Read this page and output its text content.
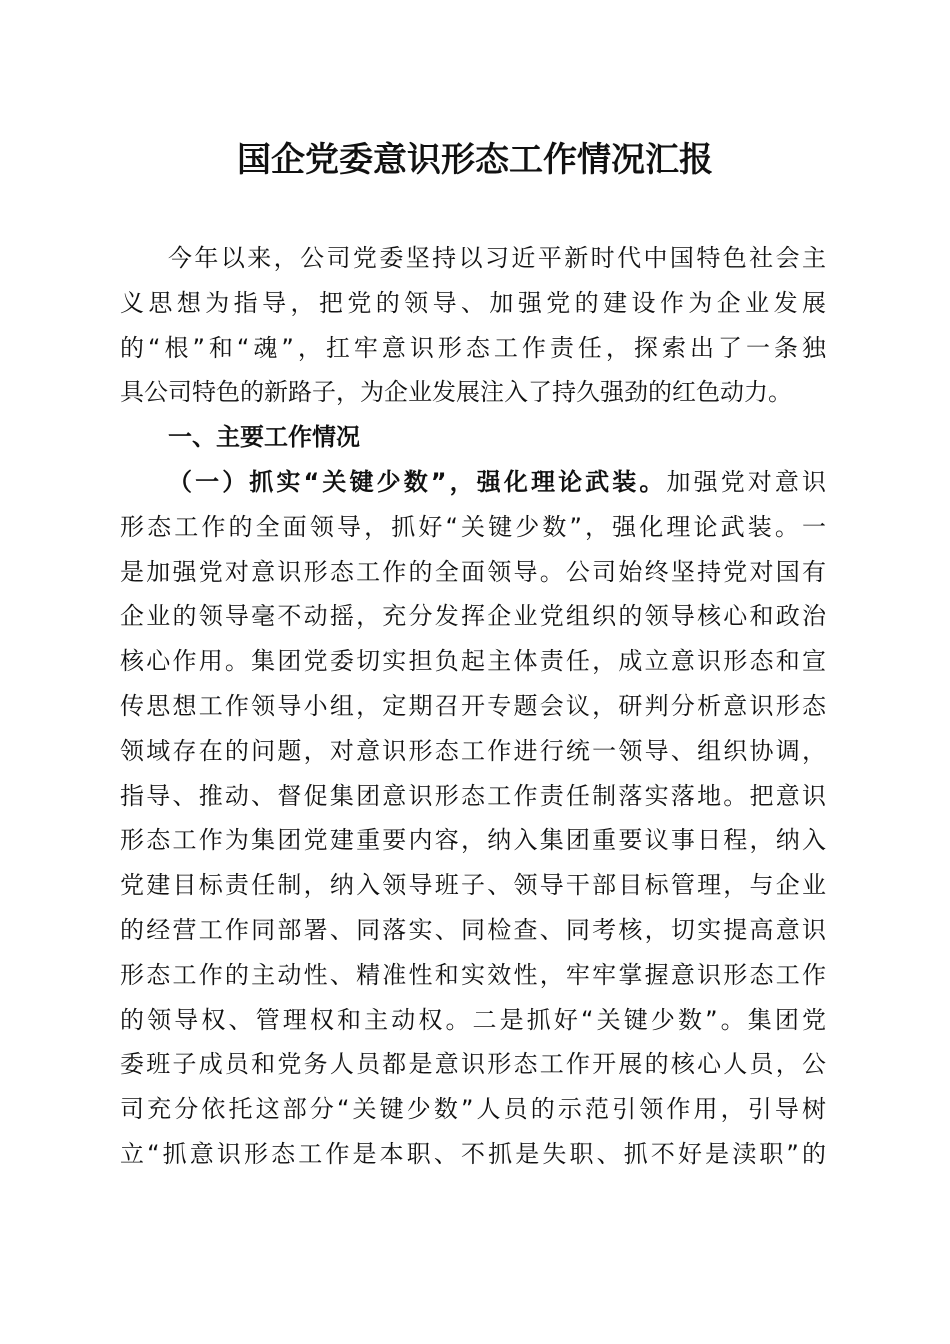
国企党委意识形态工作情况汇报
今年以来，公司党委坚持以习近平新时代中国特色社会主
义思想为指导，把党的领导、加强党的建设作为企业发展
的“根”和“魂”，扛牢意识形态工作责任，探索出了一条独
具公司特色的新路子，为企业发展注入了持久强劲的红色动力。
一、主要工作情况
（一）抓实“关键少数”，强化理论武装。加强党对意识
形态工作的全面领导，抓好“关键少数”，强化理论武装。一
是加强党对意识形态工作的全面领导。公司始终坚持党对国有
企业的领导毫不动摇，充分发挥企业党组织的领导核心和政治
核心作用。集团党委切实担负起主体责任，成立意识形态和宣
传思想工作领导小组，定期召开专题会议，研判分析意识形态
领域存在的问题，对意识形态工作进行统一领导、组织协调，
指导、推动、督促集团意识形态工作责任制落实落地。把意识
形态工作为集团党建重要内容，纳入集团重要议事日程，纳入
党建目标责任制，纳入领导班子、领导干部目标管理，与企业
的经营工作同部署、同落实、同检查、同考核，切实提高意识
形态工作的主动性、精准性和实效性，牢牢掌握意识形态工作
的领导权、管理权和主动权。二是抓好“关键少数”。集团党
委班子成员和党务人员都是意识形态工作开展的核心人员，公
司充分依托这部分“关键少数”人员的示范引领作用，引导树
立“抓意识形态工作是本职、不抓是失职、抓不好是渎职”的
